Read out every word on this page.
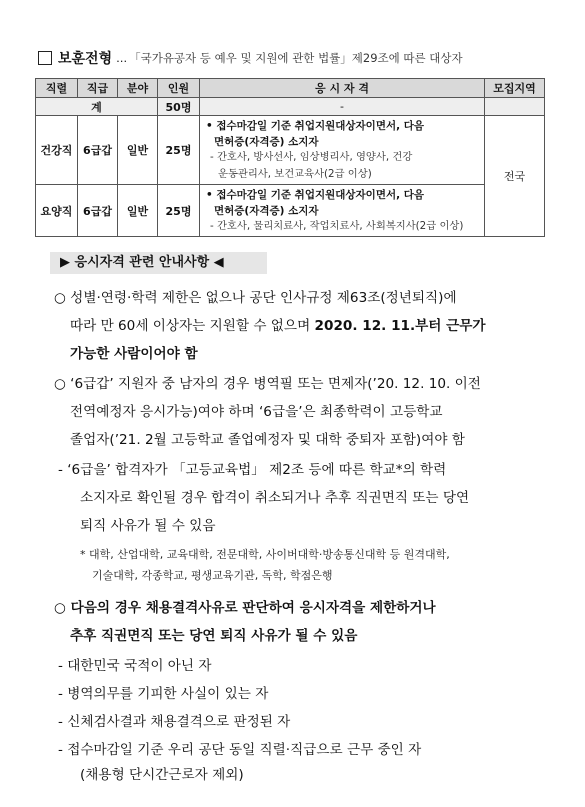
보훈전형 … 「국가유공자 등 예우 및 지원에 관한 법률」제29조에 따른 대상자
직렬	직급	분야	인원	응 시 자 격	모집지역
계			50명	-	
건강직	6급갑	일반	25명	• 접수마감일 기준 취업지원대상자이면서, 다음
면허증(자격증) 소지자
- 간호사, 방사선사, 임상병리사, 영양사, 건강
운동관리사, 보건교육사(2급 이상)	전국
요양직	6급갑	일반	25명	• 접수마감일 기준 취업지원대상자이면서, 다음
면허증(자격증) 소지자
- 간호사, 물리치료사, 작업치료사, 사회복지사(2급 이상)	
▶ 응시자격 관련 안내사항 ◀
○ 성별·연령·학력 제한은 없으나 공단 인사규정 제63조(정년퇴직)에
따라 만 60세 이상자는 지원할 수 없으며 2020. 12. 11.부터 근무가
가능한 사람이어야 함
○ ‘6급갑’ 지원자 중 남자의 경우 병역필 또는 면제자(’20. 12. 10. 이전
전역예정자 응시가능)여야 하며 ‘6급을’은 최종학력이 고등학교
졸업자(’21. 2월 고등학교 졸업예정자 및 대학 중퇴자 포함)여야 함
- ‘6급을’ 합격자가 「고등교육법」 제2조 등에 따른 학교*의 학력
소지자로 확인될 경우 합격이 취소되거나 추후 직권면직 또는 당연
퇴직 사유가 될 수 있음
* 대학, 산업대학, 교육대학, 전문대학, 사이버대학·방송통신대학 등 원격대학,
기술대학, 각종학교, 평생교육기관, 독학, 학점은행
○ 다음의 경우 채용결격사유로 판단하여 응시자격을 제한하거나
추후 직권면직 또는 당연 퇴직 사유가 될 수 있음
- 대한민국 국적이 아닌 자
- 병역의무를 기피한 사실이 있는 자
- 신체검사결과 채용결격으로 판정된 자
- 접수마감일 기준 우리 공단 동일 직렬·직급으로 근무 중인 자
(채용형 단시간근로자 제외)
